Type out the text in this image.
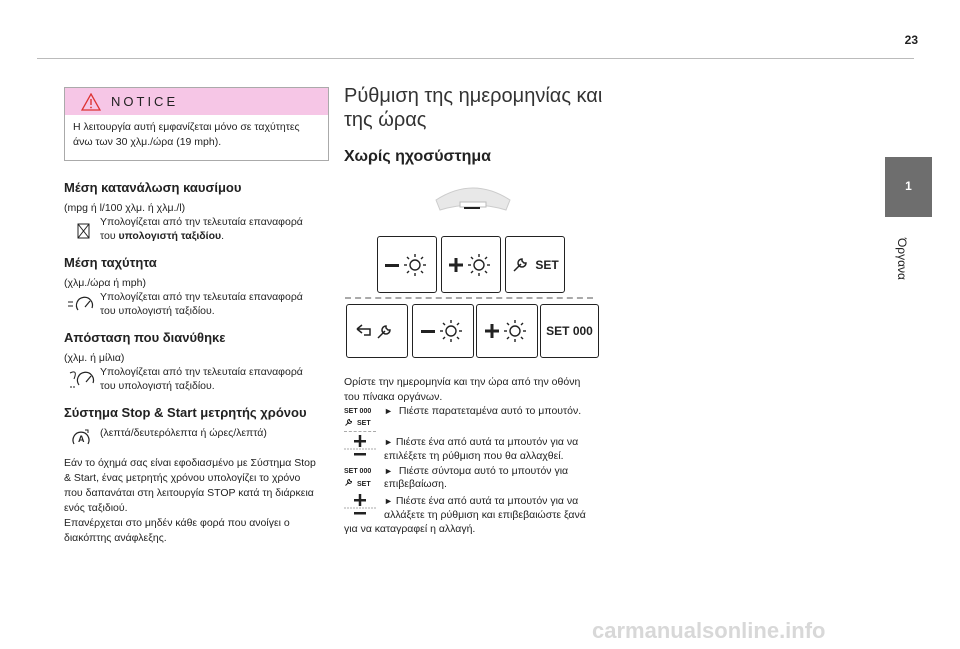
23
1
Όργανα
NOTICE
Η λειτουργία αυτή εμφανίζεται μόνο σε ταχύτητες
άνω των 30 χλμ./ώρα (19 mph).
Μέση κατανάλωση καυσίμου
(mpg ή l/100 χλμ. ή χλμ./l)
Υπολογίζεται από την τελευταία επαναφορά
του υπολογιστή ταξιδίου.
Μέση ταχύτητα
(χλμ./ώρα ή mph)
Υπολογίζεται από την τελευταία επαναφορά
του υπολογιστή ταξιδίου.
Απόσταση που διανύθηκε
(χλμ. ή μίλια)
Υπολογίζεται από την τελευταία επαναφορά
του υπολογιστή ταξιδίου.
Σύστημα Stop & Start μετρητής χρόνου
A (λεπτά/δευτερόλεπτα ή ώρες/λεπτά)
Εάν το όχημά σας είναι εφοδιασμένο με Σύστημα Stop
& Start, ένας μετρητής χρόνου υπολογίζει το χρόνο
που δαπανάται στη λειτουργία STOP κατά τη διάρκεια
ενός ταξιδιού.
Επανέρχεται στο μηδέν κάθε φορά που ανοίγει ο
διακόπτης ανάφλεξης.
Ρύθμιση της ημερομηνίας και
της ώρας
Χωρίς ηχοσύστημα
SET
SET 000
Ορίστε την ημερομηνία και την ώρα από την οθόνη
του πίνακα οργάνων.
SET 000	► Πιέστε παρατεταμένα αυτό το μπουτόν.
SET
► Πιέστε ένα από αυτά τα μπουτόν για να
επιλέξετε τη ρύθμιση που θα αλλαχθεί.
SET 000	► Πιέστε σύντομα αυτό το μπουτόν για
SET επιβεβαίωση.
► Πιέστε ένα από αυτά τα μπουτόν για να
αλλάξετε τη ρύθμιση και επιβεβαιώστε ξανά
για να καταγραφεί η αλλαγή.
carmanualsonline.info
